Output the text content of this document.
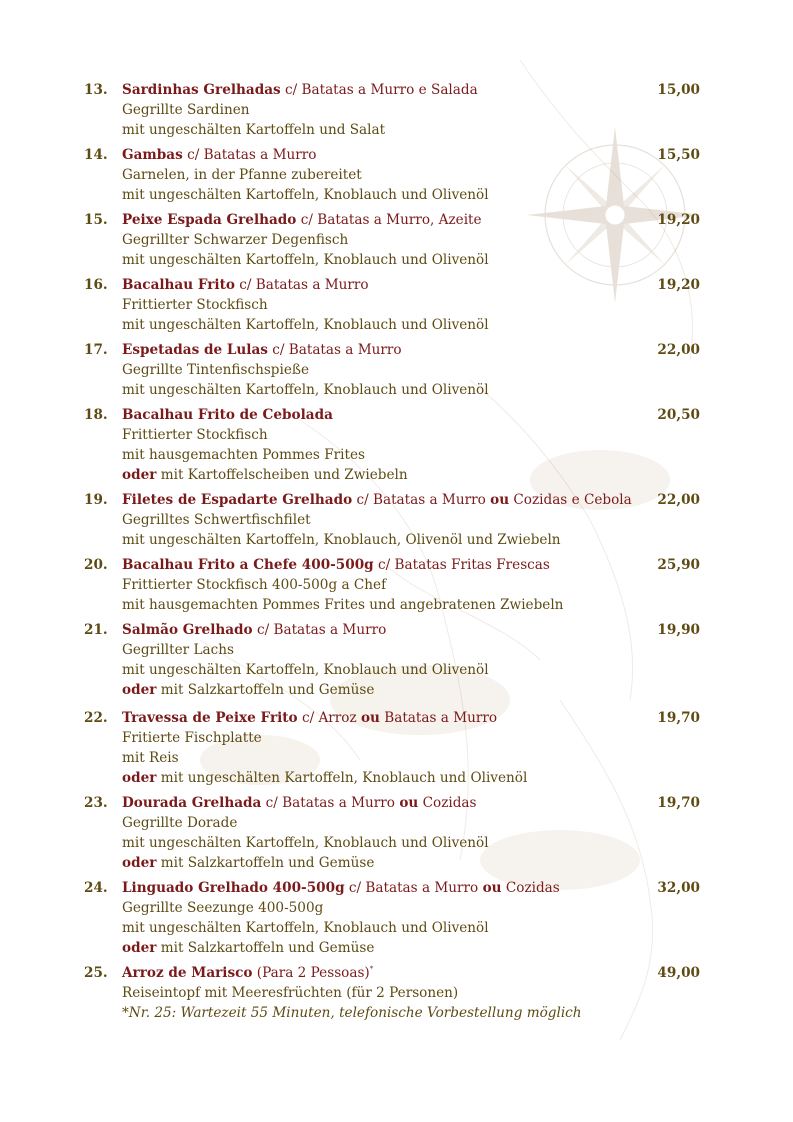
13.	Sardinhas Grelhadas c/ Batatas a Murro e Salada
Gegrillte Sardinen
mit ungeschälten Kartoffeln und Salat
15,00
14.	Gambas c/ Batatas a Murro
Garnelen, in der Pfanne zubereitet
mit ungeschälten Kartoffeln, Knoblauch und Olivenöl
15,50
15.	Peixe Espada Grelhado c/ Batatas a Murro, Azeite
Gegrillter Schwarzer Degenfisch
mit ungeschälten Kartoffeln, Knoblauch und Olivenöl
19,20
16.	Bacalhau Frito c/ Batatas a Murro
Frittierter Stockfisch
mit ungeschälten Kartoffeln, Knoblauch und Olivenöl
19,20
17.	Espetadas de Lulas c/ Batatas a Murro
Gegrillte Tintenfischspieße
mit ungeschälten Kartoffeln, Knoblauch und Olivenöl
22,00
18.	Bacalhau Frito de Cebolada
Frittierter Stockfisch
mit hausgemachten Pommes Frites
oder mit Kartoffelscheiben und Zwiebeln
20,50
19.	Filetes de Espadarte Grelhado c/ Batatas a Murro ou Cozidas e Cebola
Gegrilltes Schwertfischfilet
mit ungeschälten Kartoffeln, Knoblauch, Olivenöl und Zwiebeln
22,00
20.	Bacalhau Frito a Chefe 400-500g c/ Batatas Fritas Frescas
Frittierter Stockfisch 400-500g a Chef
mit hausgemachten Pommes Frites und angebratenen Zwiebeln
25,90
21.	Salmão Grelhado c/ Batatas a Murro
Gegrillter Lachs
mit ungeschälten Kartoffeln, Knoblauch und Olivenöl
oder mit Salzkartoffeln und Gemüse
19,90
22.	Travessa de Peixe Frito c/ Arroz ou Batatas a Murro
Fritierte Fischplatte
mit Reis
oder mit ungeschälten Kartoffeln, Knoblauch und Olivenöl
19,70
23.	Dourada Grelhada c/ Batatas a Murro ou Cozidas
Gegrillte Dorade
mit ungeschälten Kartoffeln, Knoblauch und Olivenöl
oder mit Salzkartoffeln und Gemüse
19,70
24.	Linguado Grelhado 400-500g c/ Batatas a Murro ou Cozidas
Gegrillte Seezunge 400-500g
mit ungeschälten Kartoffeln, Knoblauch und Olivenöl
oder mit Salzkartoffeln und Gemüse
32,00
25.	Arroz de Marisco (Para 2 Pessoas)*
Reiseintopf mit Meeresfrüchten (für 2 Personen)
*Nr. 25: Wartezeit 55 Minuten, telefonische Vorbestellung möglich
49,00
